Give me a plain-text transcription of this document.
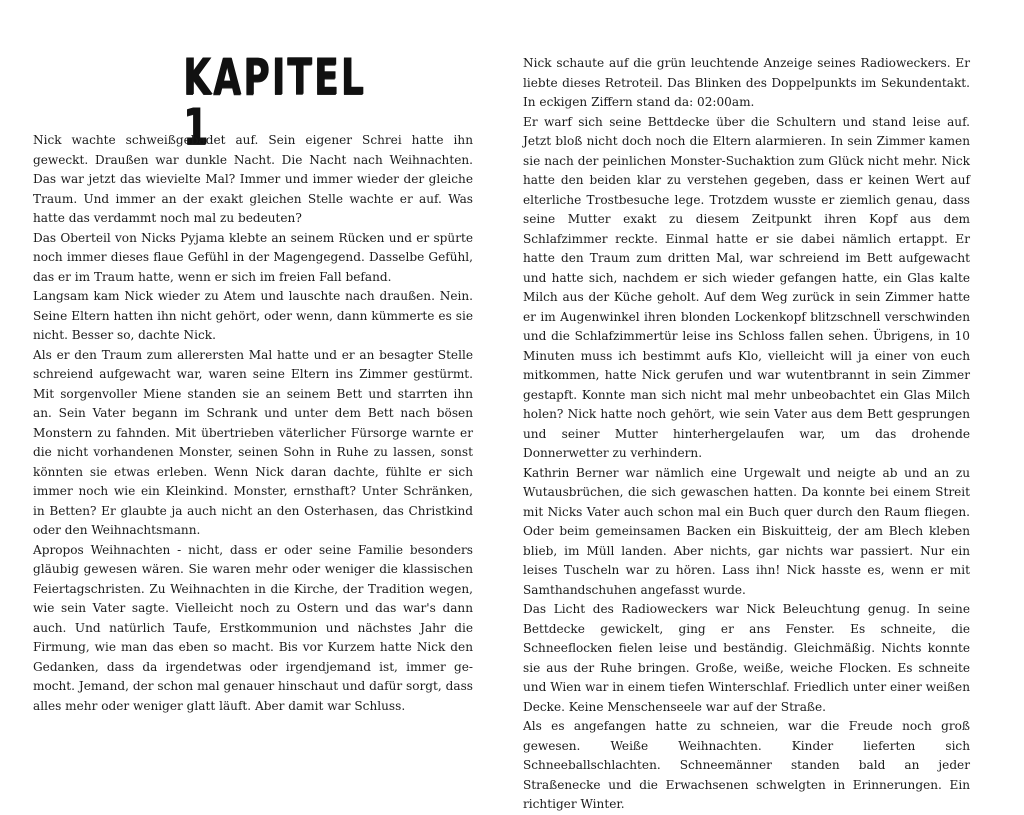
KAPITEL 1

Nick wachte schweißgebadet auf. Sein eigener Schrei hatte ihn geweckt. Draußen war dunkle Nacht. Die Nacht nach Weihnachten. Das war jetzt das wievielte Mal? Immer und immer wieder der gleiche Traum. Und immer an der exakt gleichen Stelle wachte er auf. Was hatte das verdammt noch mal zu bedeuten?

Das Oberteil von Nicks Pyjama klebte an seinem Rücken und er spürte noch immer dieses flaue Gefühl in der Magengegend. Dasselbe Gefühl, das er im Traum hatte, wenn er sich im freien Fall befand.

Langsam kam Nick wieder zu Atem und lauschte nach draußen. Nein. Seine Eltern hatten ihn nicht gehört, oder wenn, dann kümmerte es sie nicht. Besser so, dachte Nick.

Als er den Traum zum allerersten Mal hatte und er an besagter Stelle schreiend aufgewacht war, waren seine Eltern ins Zimmer gestürmt. Mit sorgenvoller Miene standen sie an seinem Bett und starrten ihn an. Sein Vater begann im Schrank und unter dem Bett nach bösen Monstern zu fahnden. Mit übertrieben väterlicher Fürsorge warnte er die nicht vorhandenen Monster, seinen Sohn in Ruhe zu lassen, sonst könnten sie etwas erleben. Wenn Nick daran dachte, fühlte er sich immer noch wie ein Kleinkind. Monster, ernsthaft? Unter Schränken, in Betten? Er glaubte ja auch nicht an den Osterhasen, das Christkind oder den Weihnachtsmann.

Apropos Weihnachten - nicht, dass er oder seine Familie besonders gläubig gewesen wären. Sie waren mehr oder weniger die klassischen Feiertagschristen. Zu Weihnachten in die Kirche, der Tradition wegen, wie sein Vater sagte. Vielleicht noch zu Ostern und das war's dann auch. Und natürlich Taufe, Erstkommunion und nächstes Jahr die Firmung, wie man das eben so macht. Bis vor Kurzem hatte Nick den Gedanken, dass da irgendetwas oder irgendjemand ist, immer gemocht. Jemand, der schon mal genauer hinschaut und dafür sorgt, dass alles mehr oder weniger glatt läuft. Aber damit war Schluss.

Nick schaute auf die grün leuchtende Anzeige seines Radioweckers. Er liebte dieses Retroteil. Das Blinken des Doppelpunkts im Sekundentakt. In eckigen Ziffern stand da: 02:00am.

Er warf sich seine Bettdecke über die Schultern und stand leise auf. Jetzt bloß nicht doch noch die Eltern alarmieren. In sein Zimmer kamen sie nach der peinlichen Monster-Suchaktion zum Glück nicht mehr. Nick hatte den beiden klar zu verstehen gegeben, dass er keinen Wert auf elterliche Trostbesuche lege. Trotzdem wusste er ziemlich genau, dass seine Mutter exakt zu diesem Zeitpunkt ihren Kopf aus dem Schlafzimmer reckte. Einmal hatte er sie dabei nämlich ertappt. Er hatte den Traum zum dritten Mal, war schreiend im Bett aufgewacht und hatte sich, nachdem er sich wieder gefangen hatte, ein Glas kalte Milch aus der Küche geholt. Auf dem Weg zurück in sein Zimmer hatte er im Augenwinkel ihren blonden Lockenkopf blitzschnell verschwinden und die Schlafzimmertür leise ins Schloss fallen sehen. Übrigens, in 10 Minuten muss ich bestimmt aufs Klo, vielleicht will ja einer von euch mitkommen, hatte Nick gerufen und war wutentbrannt in sein Zimmer gestapft. Konnte man sich nicht mal mehr unbeobachtet ein Glas Milch holen? Nick hatte noch gehört, wie sein Vater aus dem Bett gesprungen und seiner Mutter hinterhergelaufen war, um das drohende Donnerwetter zu verhindern.

Kathrin Berner war nämlich eine Urgewalt und neigte ab und an zu Wutausbrüchen, die sich gewaschen hatten. Da konnte bei einem Streit mit Nicks Vater auch schon mal ein Buch quer durch den Raum fliegen. Oder beim gemeinsamen Backen ein Biskuitteig, der am Blech kleben blieb, im Müll landen. Aber nichts, gar nichts war passiert. Nur ein leises Tuscheln war zu hören. Lass ihn! Nick hasste es, wenn er mit Samthandschuhen angefasst wurde.

Das Licht des Radioweckers war Nick Beleuchtung genug. In seine Bettdecke gewickelt, ging er ans Fenster. Es schneite, die Schneeflocken fielen leise und beständig. Gleichmäßig. Nichts konnte sie aus der Ruhe bringen. Große, weiße, weiche Flocken. Es schneite und Wien war in einem tiefen Winterschlaf. Friedlich unter einer weißen Decke. Keine Menschenseele war auf der Straße.

Als es angefangen hatte zu schneien, war die Freude noch groß gewesen. Weiße Weihnachten. Kinder lieferten sich Schneeballschlachten. Schneemänner standen bald an jeder Straßenecke und die Erwachsenen schwelgten in Erinnerungen. Ein richtiger Winter.
